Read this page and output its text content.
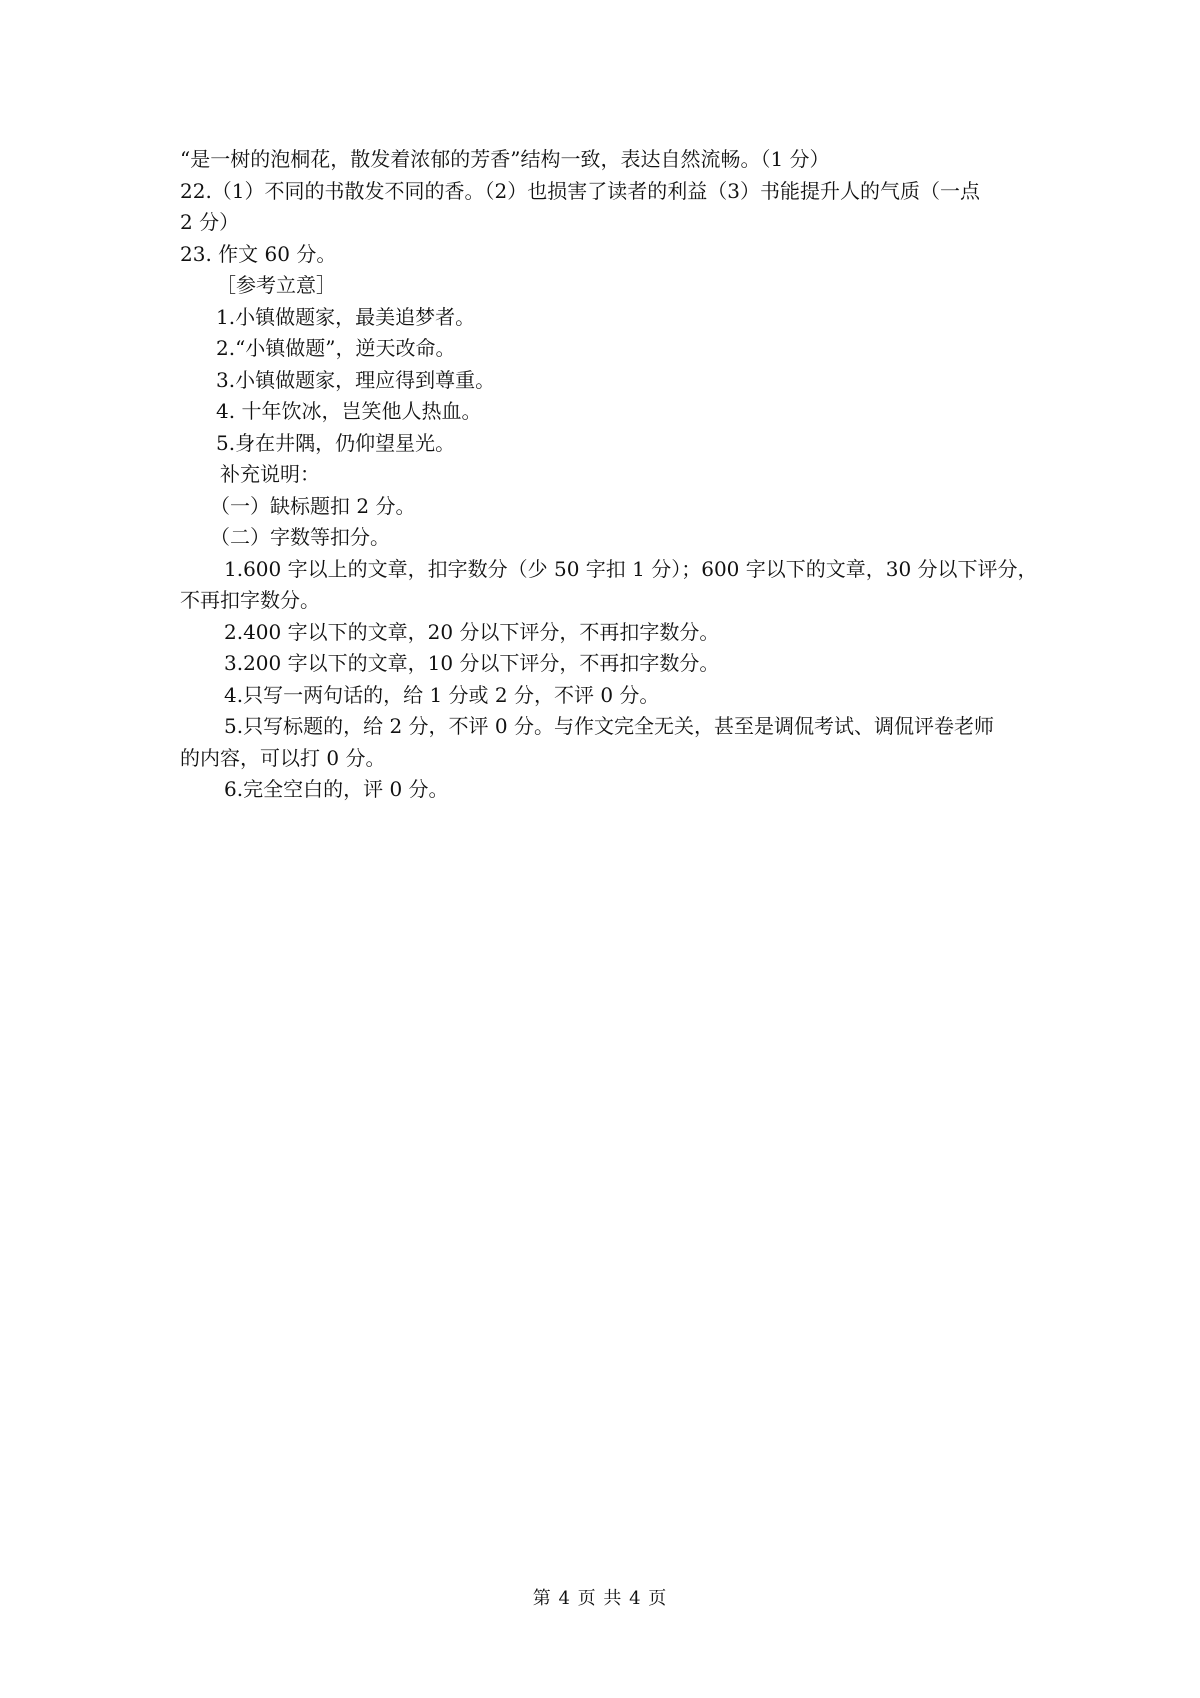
“是一树的泡桐花，散发着浓郁的芳香”结构一致，表达自然流畅。（1 分）
22.（1）不同的书散发不同的香。（2）也损害了读者的利益（3）书能提升人的气质（一点
2 分）
23. 作文 60 分。
［参考立意］
1.小镇做题家，最美追梦者。
2.“小镇做题”，逆天改命。
3.小镇做题家，理应得到尊重。
4. 十年饮冰，岂笑他人热血。
5.身在井隅，仍仰望星光。
补充说明：
（一）缺标题扣 2 分。
（二）字数等扣分。
1.600 字以上的文章，扣字数分（少 50 字扣 1 分）；600 字以下的文章，30 分以下评分，
不再扣字数分。
2.400 字以下的文章，20 分以下评分，不再扣字数分。
3.200 字以下的文章，10 分以下评分，不再扣字数分。
4.只写一两句话的，给 1 分或 2 分，不评 0 分。
5.只写标题的，给 2 分，不评 0 分。与作文完全无关，甚至是调侃考试、调侃评卷老师
的内容，可以打 0 分。
6.完全空白的，评 0 分。
第 4 页 共 4 页
